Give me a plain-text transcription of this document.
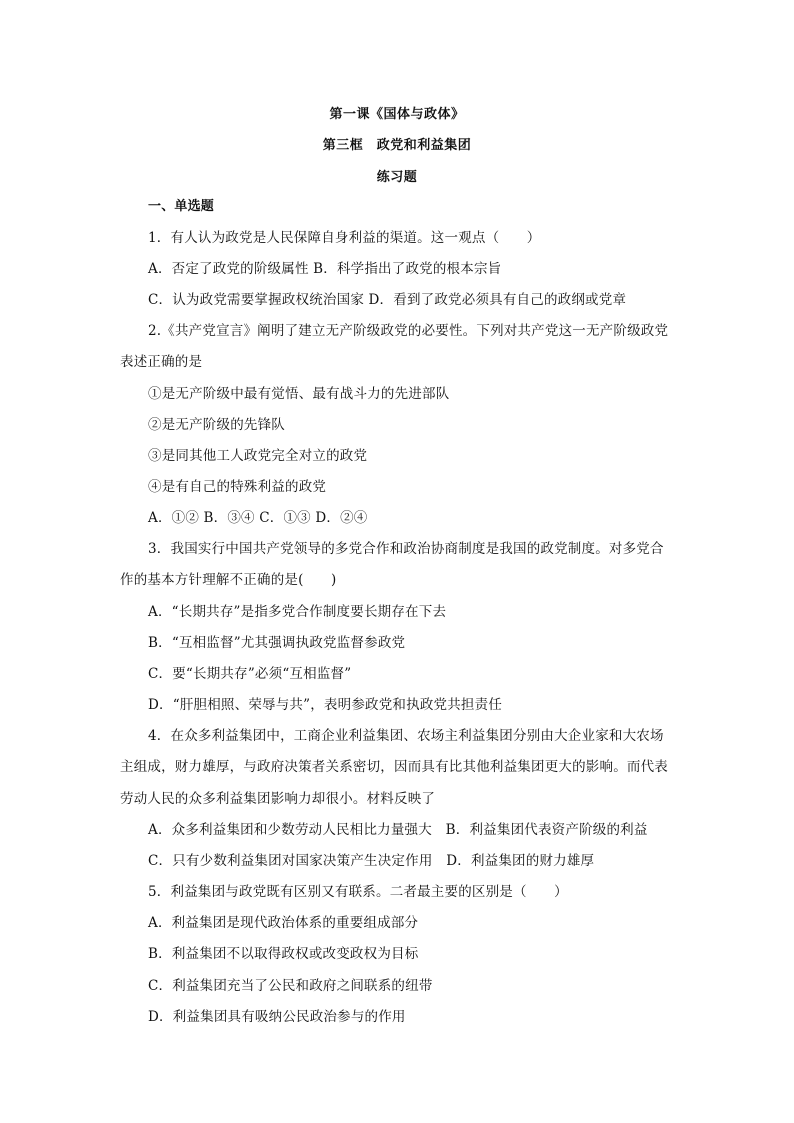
第一课《国体与政体》
第三框　政党和利益集团
练习题
一、单选题
1．有人认为政党是人民保障自身利益的渠道。这一观点（　　）
A．否定了政党的阶级属性 B．科学指出了政党的根本宗旨
C．认为政党需要掌握政权统治国家 D．看到了政党必须具有自己的政纲或党章
2.《共产党宣言》阐明了建立无产阶级政党的必要性。下列对共产党这一无产阶级政党
表述正确的是
①是无产阶级中最有觉悟、最有战斗力的先进部队
②是无产阶级的先锋队
③是同其他工人政党完全对立的政党
④是有自己的特殊利益的政党
A．①② B．③④ C．①③ D．②④
3．我国实行中国共产党领导的多党合作和政治协商制度是我国的政党制度。对多党合
作的基本方针理解不正确的是(　　)
A．“长期共存”是指多党合作制度要长期存在下去
B．“互相监督”尤其强调执政党监督参政党
C．要“长期共存”必须“互相监督”
D．“肝胆相照、荣辱与共”，表明参政党和执政党共担责任
4．在众多利益集团中，工商企业利益集团、农场主利益集团分别由大企业家和大农场
主组成，财力雄厚，与政府决策者关系密切，因而具有比其他利益集团更大的影响。而代表
劳动人民的众多利益集团影响力却很小。材料反映了
A．众多利益集团和少数劳动人民相比力量强大　B．利益集团代表资产阶级的利益
C．只有少数利益集团对国家决策产生决定作用　D．利益集团的财力雄厚
5．利益集团与政党既有区别又有联系。二者最主要的区别是（　　）
A．利益集团是现代政治体系的重要组成部分
B．利益集团不以取得政权或改变政权为目标
C．利益集团充当了公民和政府之间联系的纽带
D．利益集团具有吸纳公民政治参与的作用
